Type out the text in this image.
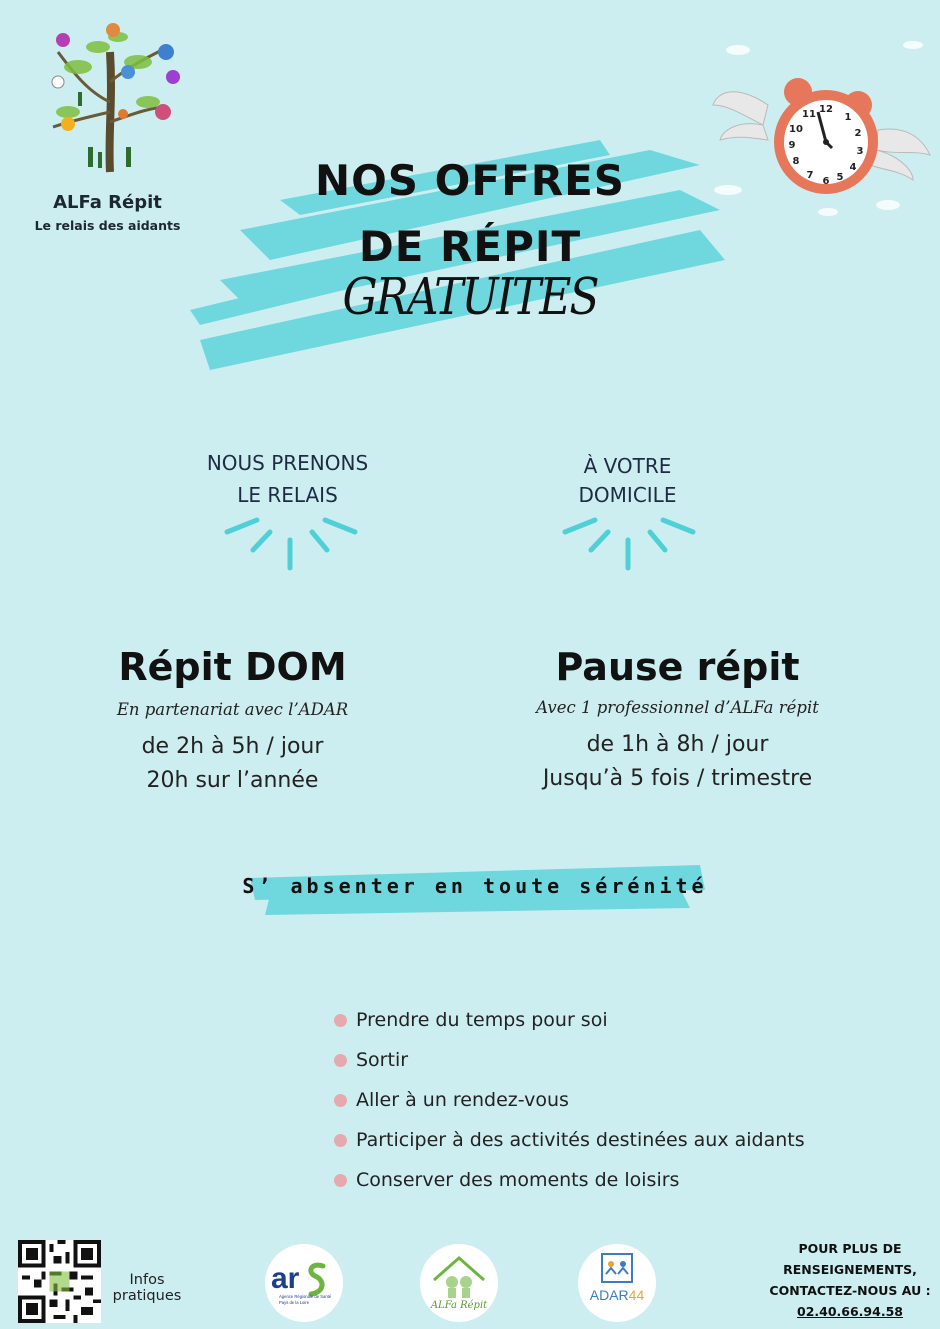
ALFa Répit
Le relais des aidants
NOS OFFRES
DE RÉPIT
GRATUITES
12
1
2
3
4
5
6
7
8
9
10
11
NOUS PRENONS
LE RELAIS
À VOTRE
DOMICILE
Répit DOM
En partenariat avec l’ADAR
de 2h à 5h / jour
20h sur l’année
Pause répit
Avec 1 professionnel d’ALFa répit
de 1h à 8h / jour
Jusqu’à 5 fois / trimestre
S’ absenter en toute sérénité
Prendre du temps pour soi
Sortir
Aller à un rendez-vous
Participer à des activités destinées aux aidants
Conserver des moments de loisirs
Infos
pratiques
ar
Agence Régionale de Santé
Pays de la Loire	ALFa Répit
ADAR44
POUR PLUS DE
RENSEIGNEMENTS,
CONTACTEZ-NOUS AU :
02.40.66.94.58
